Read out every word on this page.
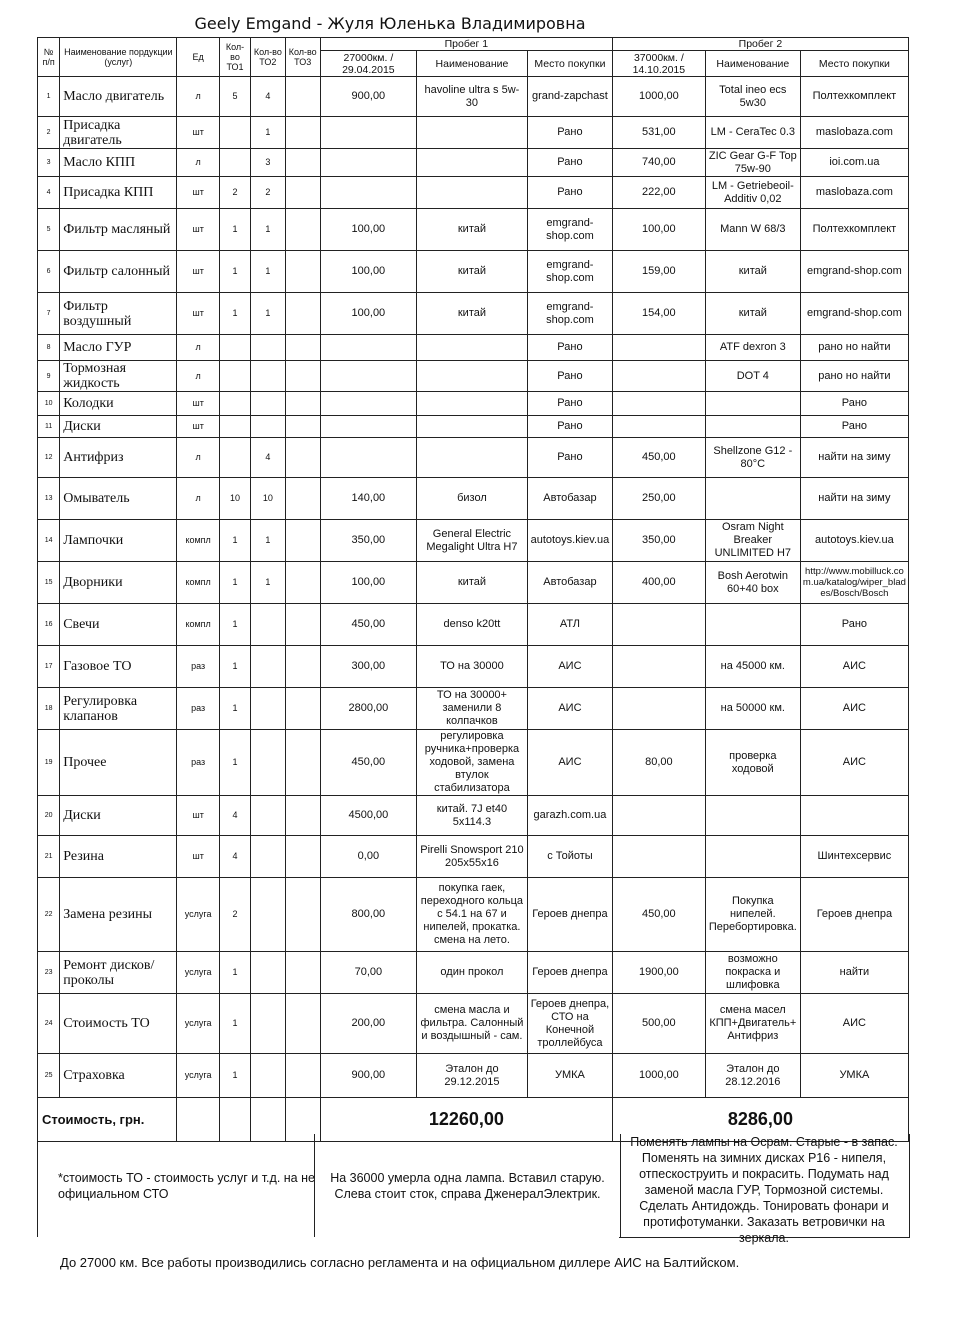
Geely Emgand - Жуля Юленька Владимировна
№ п/п	Наименование пордукции (услуг)	Ед	Кол-во ТО1	Кол-во ТО2	Кол-во ТО3	Пробег 1			Пробег 2		
						27000км. / 29.04.2015	Наименование	Место покупки	37000км. / 14.10.2015	Наименование	Место покупки
1	Масло двигатель	л	5	4		900,00	havoline ultra s 5w-30	grand-zapchast	1000,00	Total ineo ecs 5w30	Полтехкомплект
2	Присадка двигатель	шт		1				Рано	531,00	LM - CeraTec 0.3	maslobaza.com
3	Масло КПП	л		3				Рано	740,00	ZIC Gear G-F Top 75w-90	ioi.com.ua
4	Присадка КПП	шт	2	2				Рано	222,00	LM - Getriebeoil-Additiv 0,02	maslobaza.com
5	Фильтр масляный	шт	1	1		100,00	китай	emgrand-shop.com	100,00	Mann W 68/3	Полтехкомплект
6	Фильтр салонный	шт	1	1		100,00	китай	emgrand-shop.com	159,00	китай	emgrand-shop.com
7	Фильтр воздушный	шт	1	1		100,00	китай	emgrand-shop.com	154,00	китай	emgrand-shop.com
8	Масло ГУР	л						Рано		ATF dexron 3	рано но найти
9	Тормозная жидкость	л						Рано		DOT 4	рано но найти
10	Колодки	шт						Рано			Рано
11	Диски	шт						Рано			Рано
12	Антифриз	л		4				Рано	450,00	Shellzone G12 - 80°C	найти на зиму
13	Омыватель	л	10	10		140,00	бизол	Автобазар	250,00		найти на зиму
14	Лампочки	компл	1	1		350,00	General Electric Megalight Ultra H7	autotoys.kiev.ua	350,00	Osram Night Breaker UNLIMITED H7	autotoys.kiev.ua
15	Дворники	компл	1	1		100,00	китай	Автобазар	400,00	Bosh Aerotwin 60+40 box	http://www.mobilluck.com.ua/katalog/wiper_blades/Bosch/Bosch
16	Свечи	компл	1			450,00	denso k20tt	АТЛ			Рано
17	Газовое ТО	раз	1			300,00	ТО на 30000	АИС		на 45000 км.	АИС
18	Регулировка клапанов	раз	1			2800,00	ТО на 30000+ заменили 8 колпачков	АИС		на 50000 км.	АИС
19	Прочее	раз	1			450,00	регулировка ручника+проверка ходовой, замена втулок стабилизатора	АИС	80,00	проверка ходовой	АИС
20	Диски	шт	4			4500,00	китай. 7J et40 5x114.3	garazh.com.ua			
21	Резина	шт	4			0,00	Pirelli Snowsport 210 205x55x16	с Тойоты			Шинтехсервис
22	Замена резины	услуга	2			800,00	покупка гаек, переходного кольца с 54.1 на 67 и нипелей, прокатка. смена на лето.	Героев днепра	450,00	Покупка нипелей. Перебортировка.	Героев днепра
23	Ремонт дисков/проколы	услуга	1			70,00	один прокол	Героев днепра	1900,00	возможно покраска и шлифовка	найти
24	Стоимость ТО	услуга	1			200,00	смена масла и фильтра. Салонный и воздышный - сам.	Героев днепра, СТО на Конечной троллейбуса	500,00	смена масел КПП+Двигатель+ Антифриз	АИС
25	Страховка	услуга	1			900,00	Эталон до 29.12.2015	УМКА	1000,00	Эталон до 28.12.2016	УМКА
Стоимость, грн.						12260,00			8286,00		
*стоимость ТО - стоимость услуг и т.д. на не официальном СТО
На 36000 умерла одна лампа. Вставил старую. Слева стоит сток, справа ДженералЭлектрик.
Поменять лампы на Осрам. Старые - в запас. Поменять на зимних дисках Р16 - нипеля, отпескоструить и покрасить. Подумать над заменой масла ГУР, Тормозной системы. Сделать Антидождь. Тонировать фонари и протифотуманки. Заказать ветровички на зеркала.
До 27000 км. Все работы производились согласно регламента и на официальном диллере АИС на Балтийском.
